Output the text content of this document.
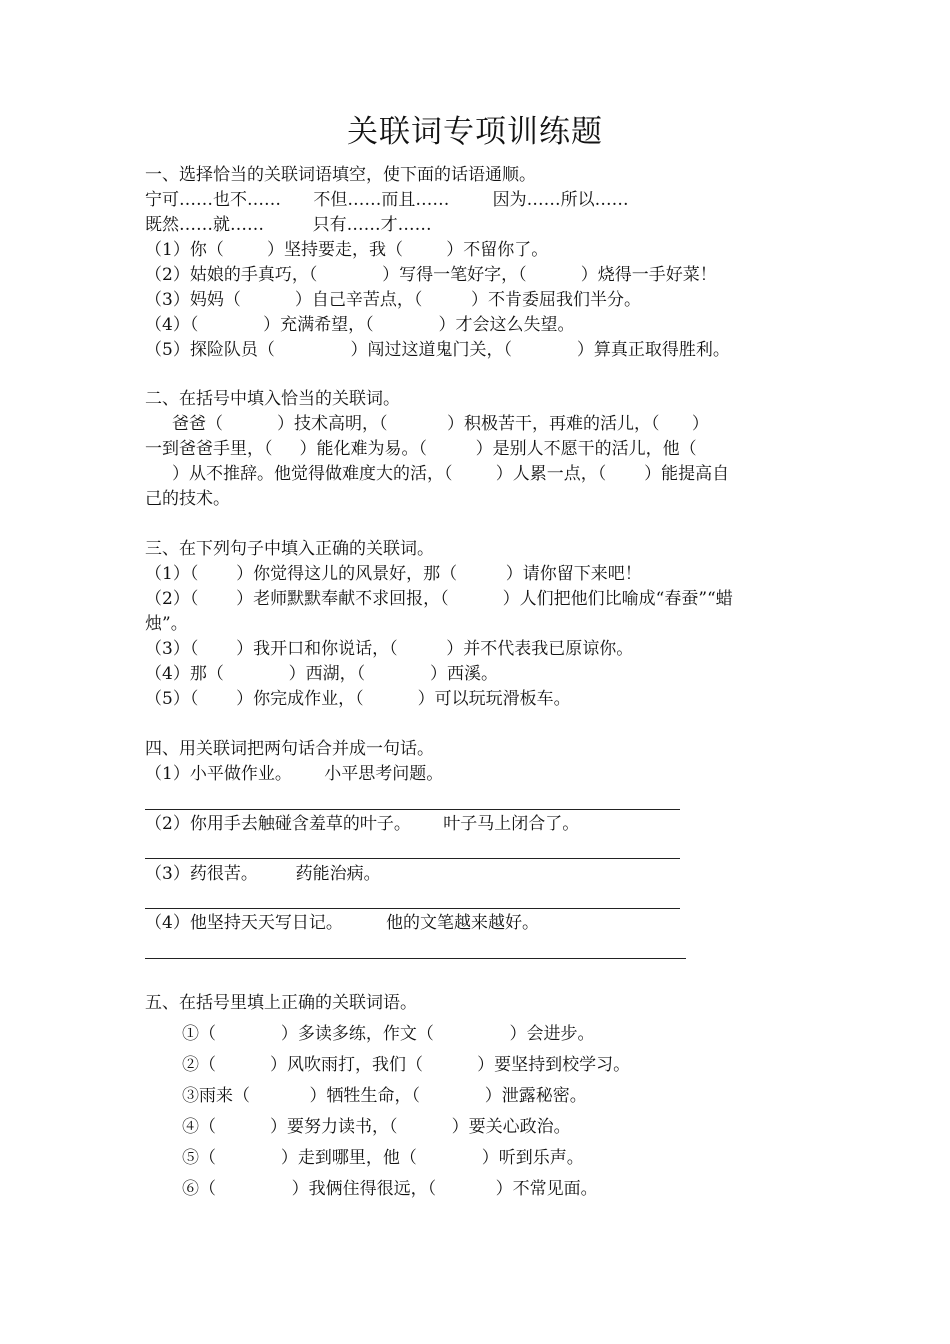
关联词专项训练题
一、选择恰当的关联词语填空，使下面的话语通顺。
宁可……也不……      不但……而且……        因为……所以……
既然……就……         只有……才……
（1）你（        ）坚持要走，我（        ）不留你了。
（2）姑娘的手真巧，（            ）写得一笔好字，（          ）烧得一手好菜！
（3）妈妈（          ）自己辛苦点，（         ）不肯委屈我们半分。
（4）（            ）充满希望，（            ）才会这么失望。
（5）探险队员（              ）闯过这道鬼门关，（            ）算真正取得胜利。
二、在括号中填入恰当的关联词。
爸爸（          ）技术高明，（           ）积极苦干，再难的活儿，（      ）
一到爸爸手里，（     ）能化难为易。（         ）是别人不愿干的活儿，他（
）从不推辞。他觉得做难度大的活，（        ）人累一点，（       ）能提高自
己的技术。
三、在下列句子中填入正确的关联词。
（1）（       ）你觉得这儿的风景好，那（         ）请你留下来吧！
（2）（       ）老师默默奉献不求回报，（          ）人们把他们比喻成“春蚕”“蜡
烛”。
（3）（       ）我开口和你说话，（         ）并不代表我已原谅你。
（4）那（            ）西湖，（            ）西溪。
（5）（       ）你完成作业，（          ）可以玩玩滑板车。
四、用关联词把两句话合并成一句话。
（1）小平做作业。      小平思考问题。
（2）你用手去触碰含羞草的叶子。      叶子马上闭合了。
（3）药很苦。       药能治病。
（4）他坚持天天写日记。        他的文笔越来越好。
五、在括号里填上正确的关联词语。
①（            ）多读多练，作文（              ）会进步。
②（          ）风吹雨打，我们（          ）要坚持到校学习。
③雨来（           ）牺牲生命，（            ）泄露秘密。
④（          ）要努力读书，（          ）要关心政治。
⑤（            ）走到哪里，他（            ）听到乐声。
⑥（              ）我俩住得很远，（           ）不常见面。
